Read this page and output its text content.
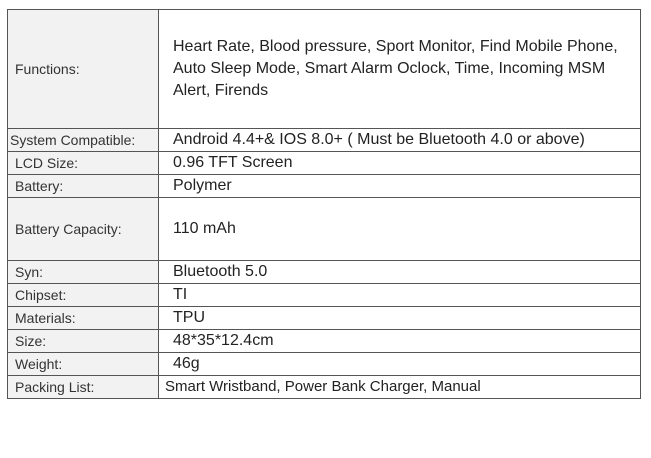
Functions:	Heart Rate, Blood pressure, Sport Monitor, Find Mobile Phone, Auto Sleep Mode, Smart Alarm Oclock, Time, Incoming MSM Alert, Firends
System Compatible:	Android 4.4+& IOS 8.0+ ( Must be Bluetooth 4.0 or above)
LCD Size:	0.96 TFT Screen
Battery:	Polymer
Battery Capacity:	110 mAh
Syn:	Bluetooth 5.0
Chipset:	TI
Materials:	TPU
Size:	48*35*12.4cm
Weight:	46g
Packing List:	Smart Wristband, Power Bank Charger, Manual
